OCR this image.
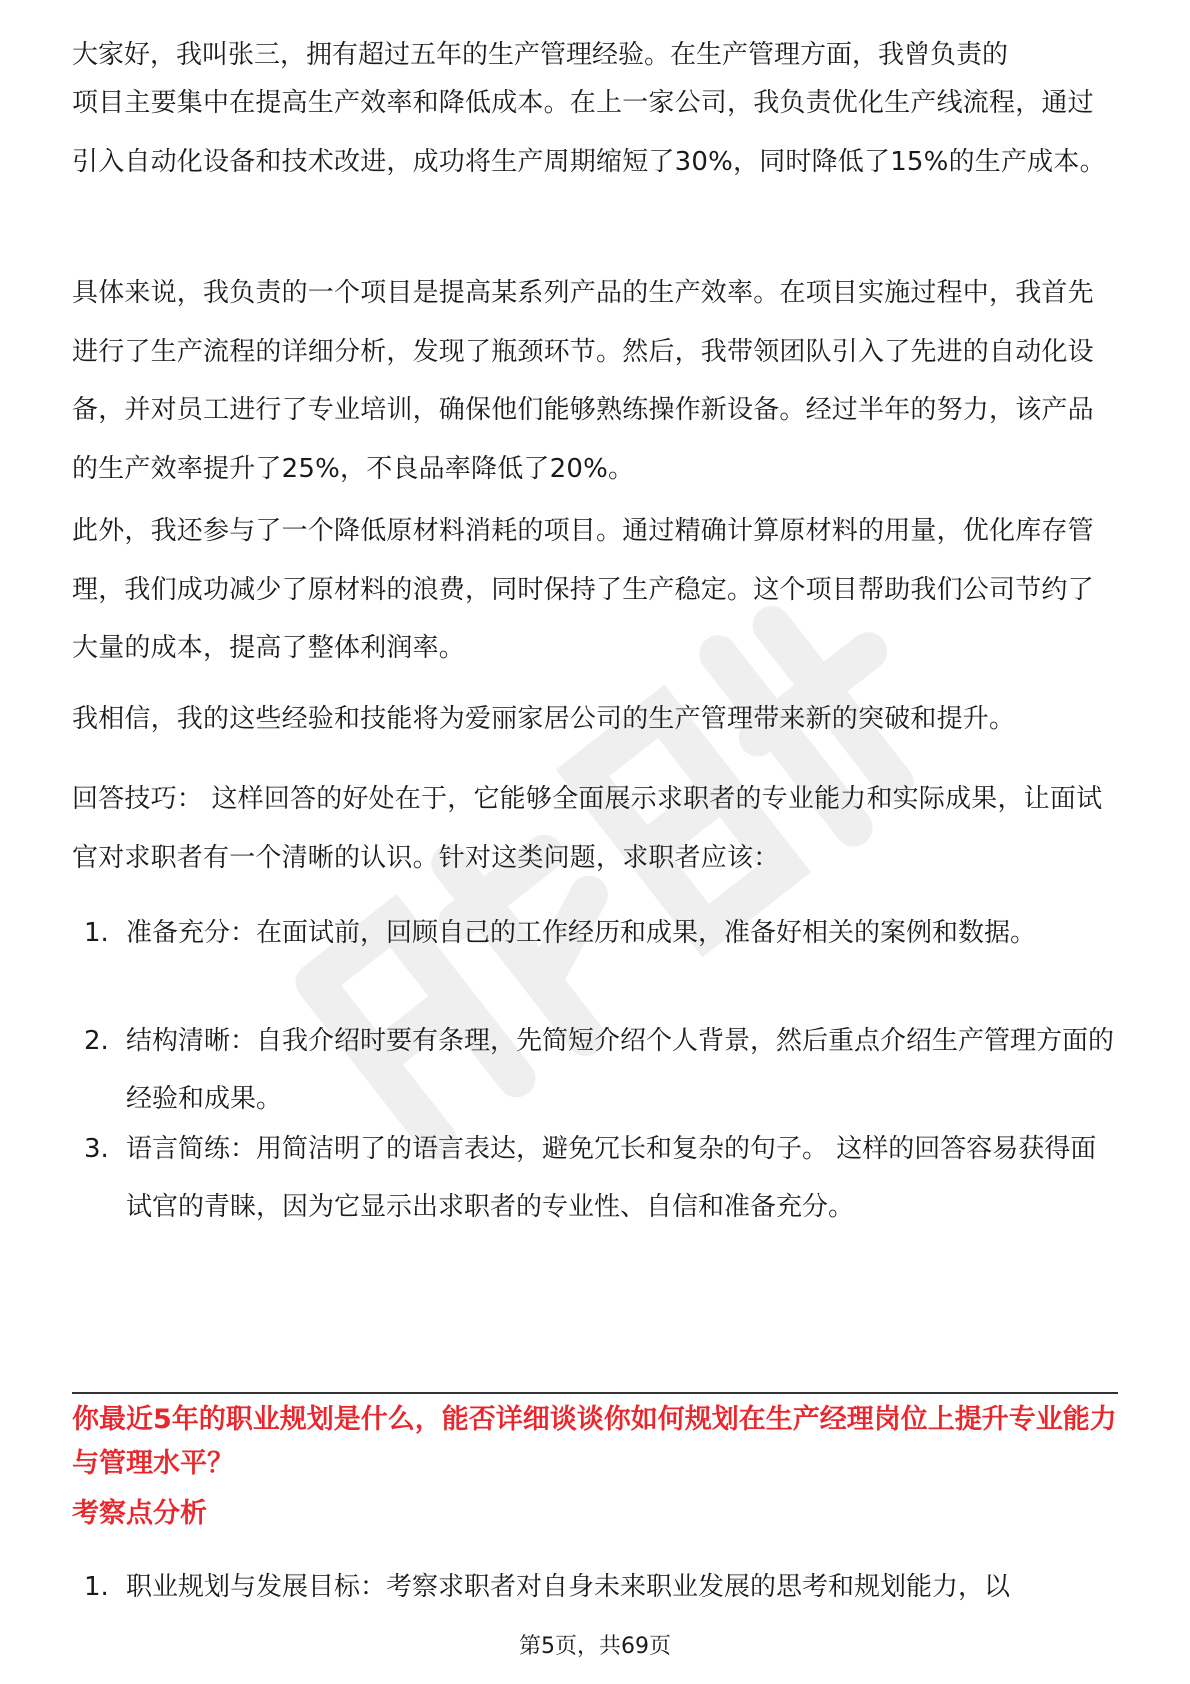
大家好，我叫张三，拥有超过五年的生产管理经验。在生产管理方面，我曾负责的

项目主要集中在提高生产效率和降低成本。在上一家公司，我负责优化生产线流程，通过引入自动化设备和技术改进，成功将生产周期缩短了30%，同时降低了15%的生产成本。

具体来说，我负责的一个项目是提高某系列产品的生产效率。在项目实施过程中，我首先进行了生产流程的详细分析，发现了瓶颈环节。然后，我带领团队引入了先进的自动化设备，并对员工进行了专业培训，确保他们能够熟练操作新设备。经过半年的努力，该产品的生产效率提升了25%，不良品率降低了20%。

此外，我还参与了一个降低原材料消耗的项目。通过精确计算原材料的用量，优化库存管理，我们成功减少了原材料的浪费，同时保持了生产稳定。这个项目帮助我们公司节约了大量的成本，提高了整体利润率。

我相信，我的这些经验和技能将为爱丽家居公司的生产管理带来新的突破和提升。

回答技巧： 这样回答的好处在于，它能够全面展示求职者的专业能力和实际成果，让面试官对求职者有一个清晰的认识。针对这类问题，求职者应该：

1. 准备充分：在面试前，回顾自己的工作经历和成果，准备好相关的案例和数据。
2. 结构清晰：自我介绍时要有条理，先简短介绍个人背景，然后重点介绍生产管理方面的经验和成果。
3. 语言简练：用简洁明了的语言表达，避免冗长和复杂的句子。 这样的回答容易获得面试官的青睐，因为它显示出求职者的专业性、自信和准备充分。
你最近5年的职业规划是什么，能否详细谈谈你如何规划在生产经理岗位上提升专业能力与管理水平？
考察点分析
1. 职业规划与发展目标：考察求职者对自身未来职业发展的思考和规划能力，以
第5页，共69页
